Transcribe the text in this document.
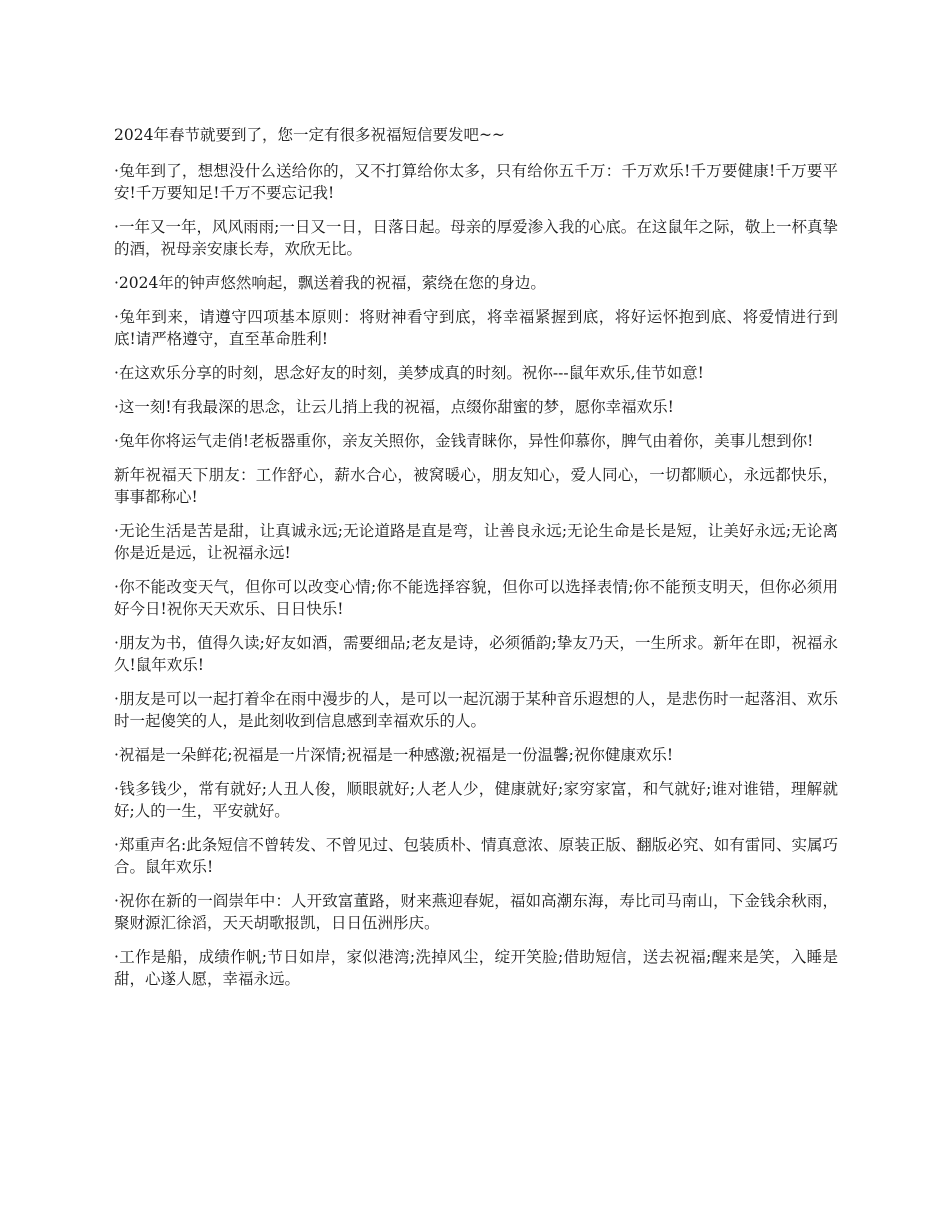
2024年春节就要到了，您一定有很多祝福短信要发吧~~

·兔年到了，想想没什么送给你的，又不打算给你太多，只有给你五千万：千万欢乐!千万要健康!千万要平安!千万要知足!千万不要忘记我!

·一年又一年，风风雨雨;一日又一日，日落日起。母亲的厚爱渗入我的心底。在这鼠年之际，敬上一杯真挚的酒，祝母亲安康长寿，欢欣无比。

·2024年的钟声悠然响起，飘送着我的祝福，萦绕在您的身边。

·兔年到来，请遵守四项基本原则：将财神看守到底，将幸福紧握到底，将好运怀抱到底、将爱情进行到底!请严格遵守，直至革命胜利!

·在这欢乐分享的时刻，思念好友的时刻，美梦成真的时刻。祝你---鼠年欢乐,佳节如意!

·这一刻!有我最深的思念，让云儿捎上我的祝福，点缀你甜蜜的梦，愿你幸福欢乐!

·兔年你将运气走俏!老板器重你，亲友关照你，金钱青睐你，异性仰慕你，脾气由着你，美事儿想到你!

新年祝福天下朋友：工作舒心，薪水合心，被窝暖心，朋友知心，爱人同心，一切都顺心，永远都快乐，事事都称心!

·无论生活是苦是甜，让真诚永远;无论道路是直是弯，让善良永远;无论生命是长是短，让美好永远;无论离你是近是远，让祝福永远!

·你不能改变天气，但你可以改变心情;你不能选择容貌，但你可以选择表情;你不能预支明天，但你必须用好今日!祝你天天欢乐、日日快乐!

·朋友为书，值得久读;好友如酒，需要细品;老友是诗，必须循韵;挚友乃天，一生所求。新年在即，祝福永久!鼠年欢乐!

·朋友是可以一起打着伞在雨中漫步的人，是可以一起沉溺于某种音乐遐想的人，是悲伤时一起落泪、欢乐时一起傻笑的人，是此刻收到信息感到幸福欢乐的人。

·祝福是一朵鲜花;祝福是一片深情;祝福是一种感激;祝福是一份温馨;祝你健康欢乐!

·钱多钱少，常有就好;人丑人俊，顺眼就好;人老人少，健康就好;家穷家富，和气就好;谁对谁错，理解就好;人的一生，平安就好。

·郑重声名:此条短信不曾转发、不曾见过、包装质朴、情真意浓、原装正版、翻版必究、如有雷同、实属巧合。鼠年欢乐!

·祝你在新的一阎崇年中：人开致富董路，财来燕迎春妮，福如高潮东海，寿比司马南山，下金钱余秋雨，聚财源汇徐滔，天天胡歌报凯，日日伍洲彤庆。

·工作是船，成绩作帆;节日如岸，家似港湾;洗掉风尘，绽开笑脸;借助短信，送去祝福;醒来是笑，入睡是甜，心遂人愿，幸福永远。
